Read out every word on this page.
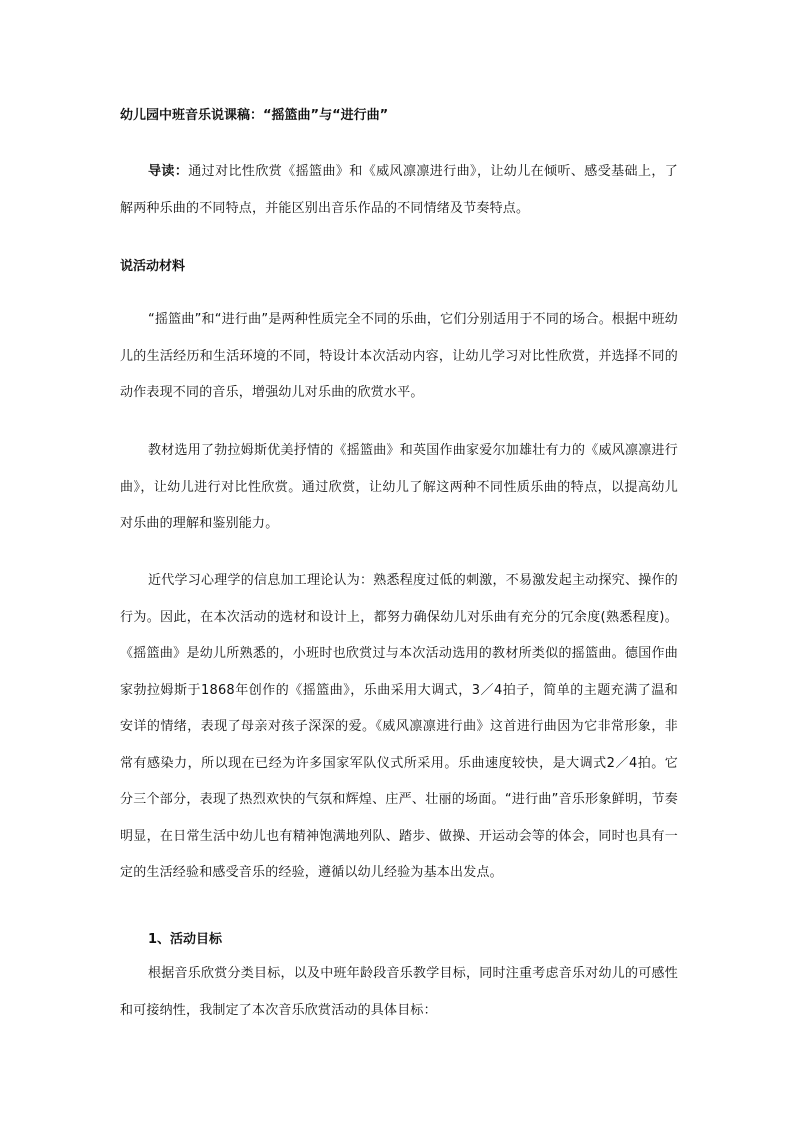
幼儿园中班音乐说课稿：“摇篮曲”与“进行曲”
导读：通过对比性欣赏《摇篮曲》和《威风凛凛进行曲》，让幼儿在倾听、感受基础上，了解两种乐曲的不同特点，并能区别出音乐作品的不同情绪及节奏特点。
说活动材料
“摇篮曲”和“进行曲”是两种性质完全不同的乐曲，它们分别适用于不同的场合。根据中班幼儿的生活经历和生活环境的不同，特设计本次活动内容，让幼儿学习对比性欣赏，并选择不同的动作表现不同的音乐，增强幼儿对乐曲的欣赏水平。
教材选用了勃拉姆斯优美抒情的《摇篮曲》和英国作曲家爱尔加雄壮有力的《威风凛凛进行曲》，让幼儿进行对比性欣赏。通过欣赏，让幼儿了解这两种不同性质乐曲的特点，以提高幼儿对乐曲的理解和鉴别能力。
近代学习心理学的信息加工理论认为：熟悉程度过低的刺激，不易激发起主动探究、操作的行为。因此，在本次活动的选材和设计上，都努力确保幼儿对乐曲有充分的冗余度(熟悉程度)。《摇篮曲》是幼儿所熟悉的，小班时也欣赏过与本次活动选用的教材所类似的摇篮曲。德国作曲家勃拉姆斯于1868年创作的《摇篮曲》，乐曲采用大调式，3／4拍子，简单的主题充满了温和安详的情绪，表现了母亲对孩子深深的爱。《威风凛凛进行曲》这首进行曲因为它非常形象，非常有感染力，所以现在已经为许多国家军队仪式所采用。乐曲速度较快，是大调式2／4拍。它分三个部分，表现了热烈欢快的气氛和辉煌、庄严、壮丽的场面。“进行曲”音乐形象鲜明，节奏明显，在日常生活中幼儿也有精神饱满地列队、踏步、做操、开运动会等的体会，同时也具有一定的生活经验和感受音乐的经验，遵循以幼儿经验为基本出发点。
1、活动目标
根据音乐欣赏分类目标，以及中班年龄段音乐教学目标，同时注重考虑音乐对幼儿的可感性和可接纳性，我制定了本次音乐欣赏活动的具体目标：
